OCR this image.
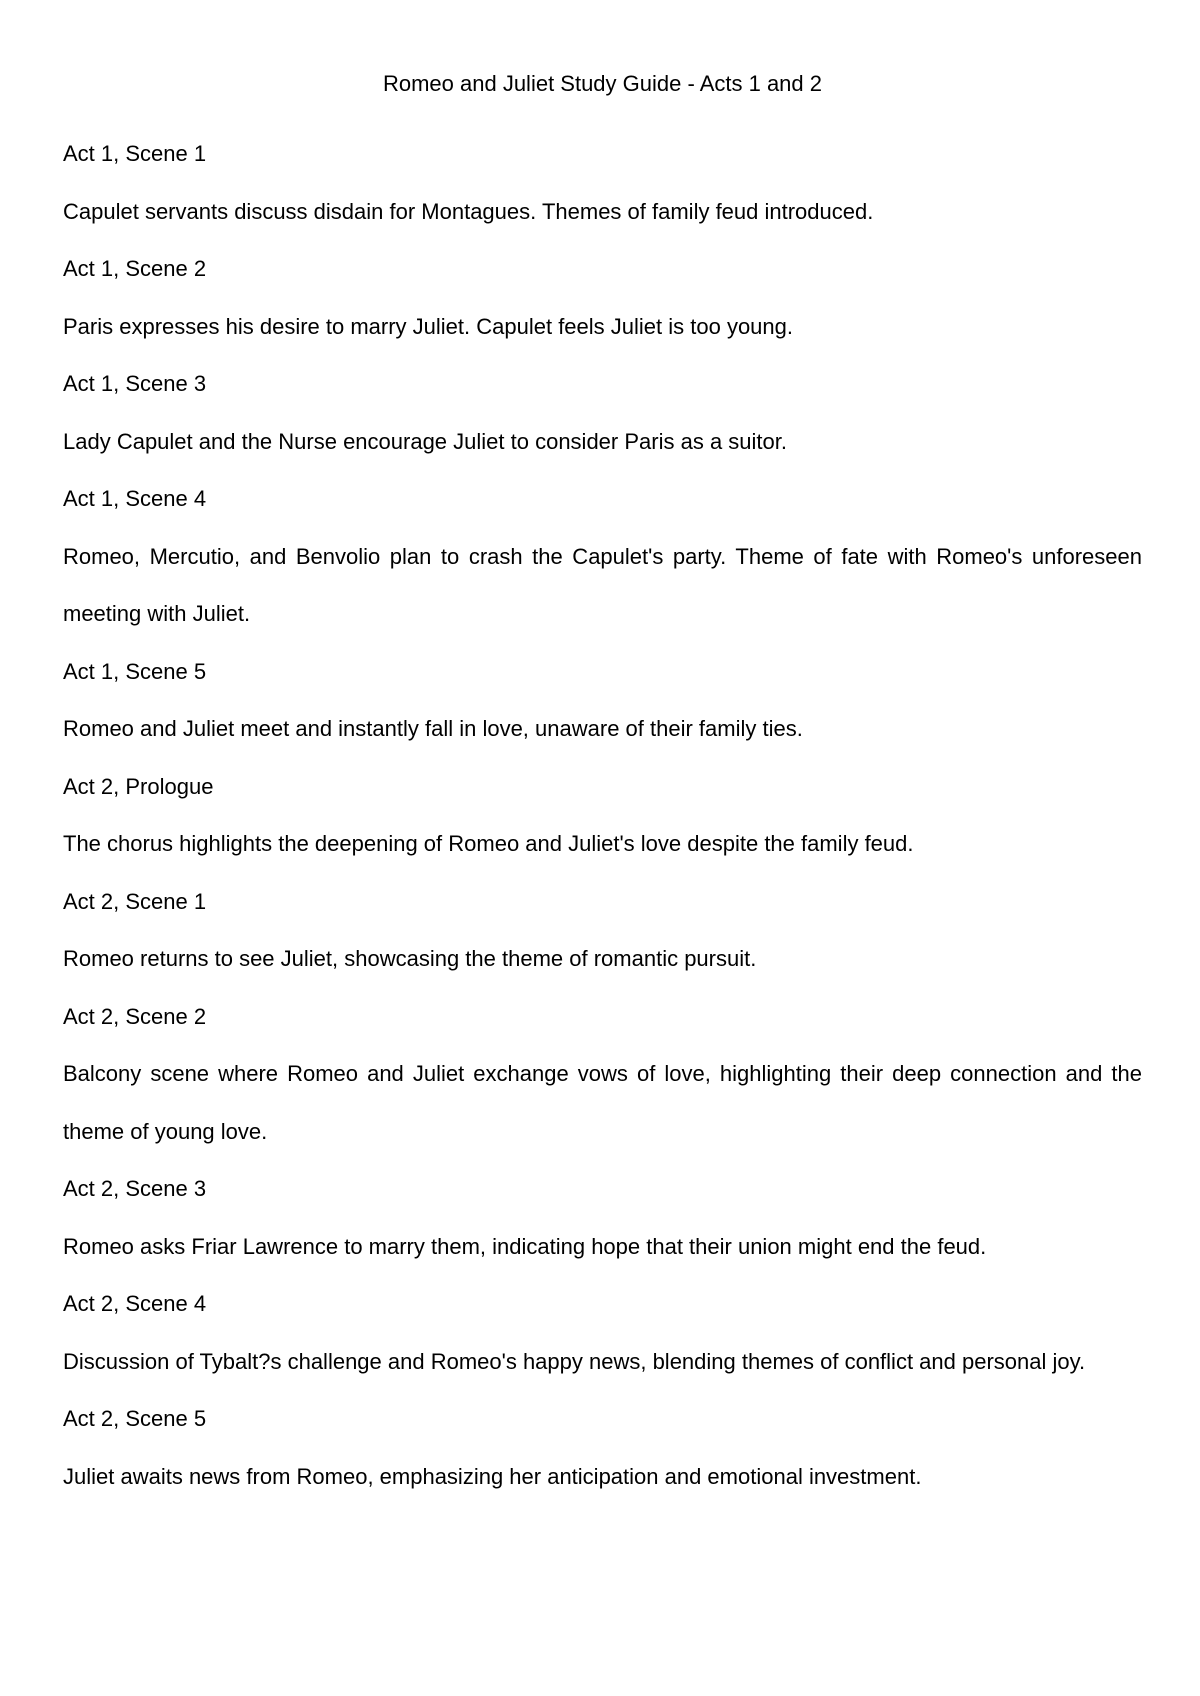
Romeo and Juliet Study Guide - Acts 1 and 2

Act 1, Scene 1

Capulet servants discuss disdain for Montagues. Themes of family feud introduced.

Act 1, Scene 2

Paris expresses his desire to marry Juliet. Capulet feels Juliet is too young.

Act 1, Scene 3

Lady Capulet and the Nurse encourage Juliet to consider Paris as a suitor.

Act 1, Scene 4

Romeo, Mercutio, and Benvolio plan to crash the Capulet's party. Theme of fate with Romeo's unforeseen meeting with Juliet.

Act 1, Scene 5

Romeo and Juliet meet and instantly fall in love, unaware of their family ties.

Act 2, Prologue

The chorus highlights the deepening of Romeo and Juliet's love despite the family feud.

Act 2, Scene 1

Romeo returns to see Juliet, showcasing the theme of romantic pursuit.

Act 2, Scene 2

Balcony scene where Romeo and Juliet exchange vows of love, highlighting their deep connection and the theme of young love.

Act 2, Scene 3

Romeo asks Friar Lawrence to marry them, indicating hope that their union might end the feud.

Act 2, Scene 4

Discussion of Tybalt?s challenge and Romeo's happy news, blending themes of conflict and personal joy.

Act 2, Scene 5

Juliet awaits news from Romeo, emphasizing her anticipation and emotional investment.
